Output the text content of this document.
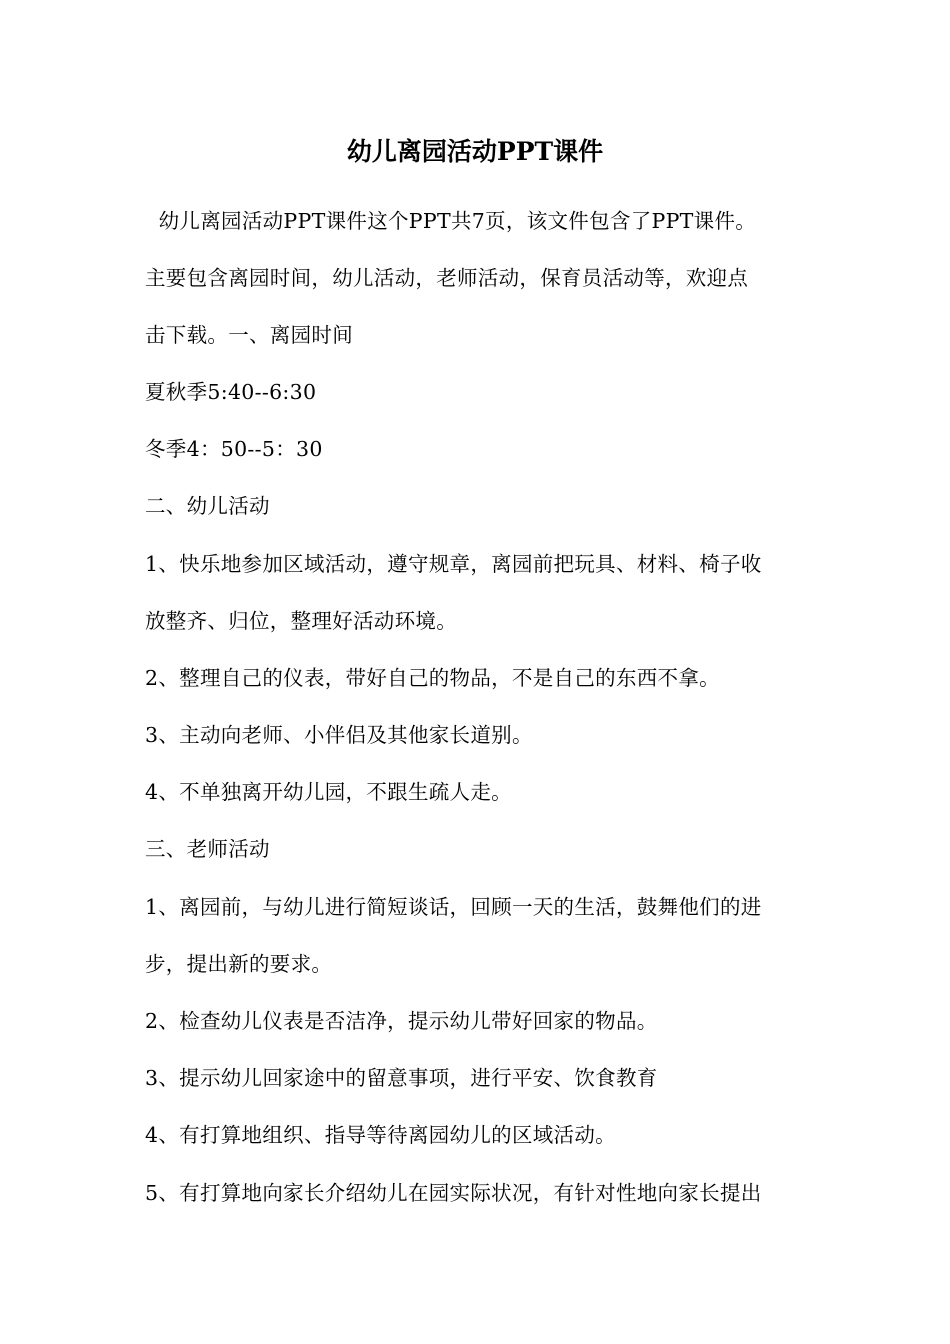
幼儿离园活动PPT课件
幼儿离园活动PPT课件这个PPT共7页，该文件包含了PPT课件。
主要包含离园时间，幼儿活动，老师活动，保育员活动等，欢迎点
击下载。一、离园时间
夏秋季5:40--6:30
冬季4：50--5：30
二、幼儿活动
1、快乐地参加区域活动，遵守规章，离园前把玩具、材料、椅子收
放整齐、归位，整理好活动环境。
2、整理自己的仪表，带好自己的物品，不是自己的东西不拿。
3、主动向老师、小伴侣及其他家长道别。
4、不单独离开幼儿园，不跟生疏人走。
三、老师活动
1、离园前，与幼儿进行简短谈话，回顾一天的生活，鼓舞他们的进
步，提出新的要求。
2、检查幼儿仪表是否洁净，提示幼儿带好回家的物品。
3、提示幼儿回家途中的留意事项，进行平安、饮食教育
4、有打算地组织、指导等待离园幼儿的区域活动。
5、有打算地向家长介绍幼儿在园实际状况，有针对性地向家长提出
